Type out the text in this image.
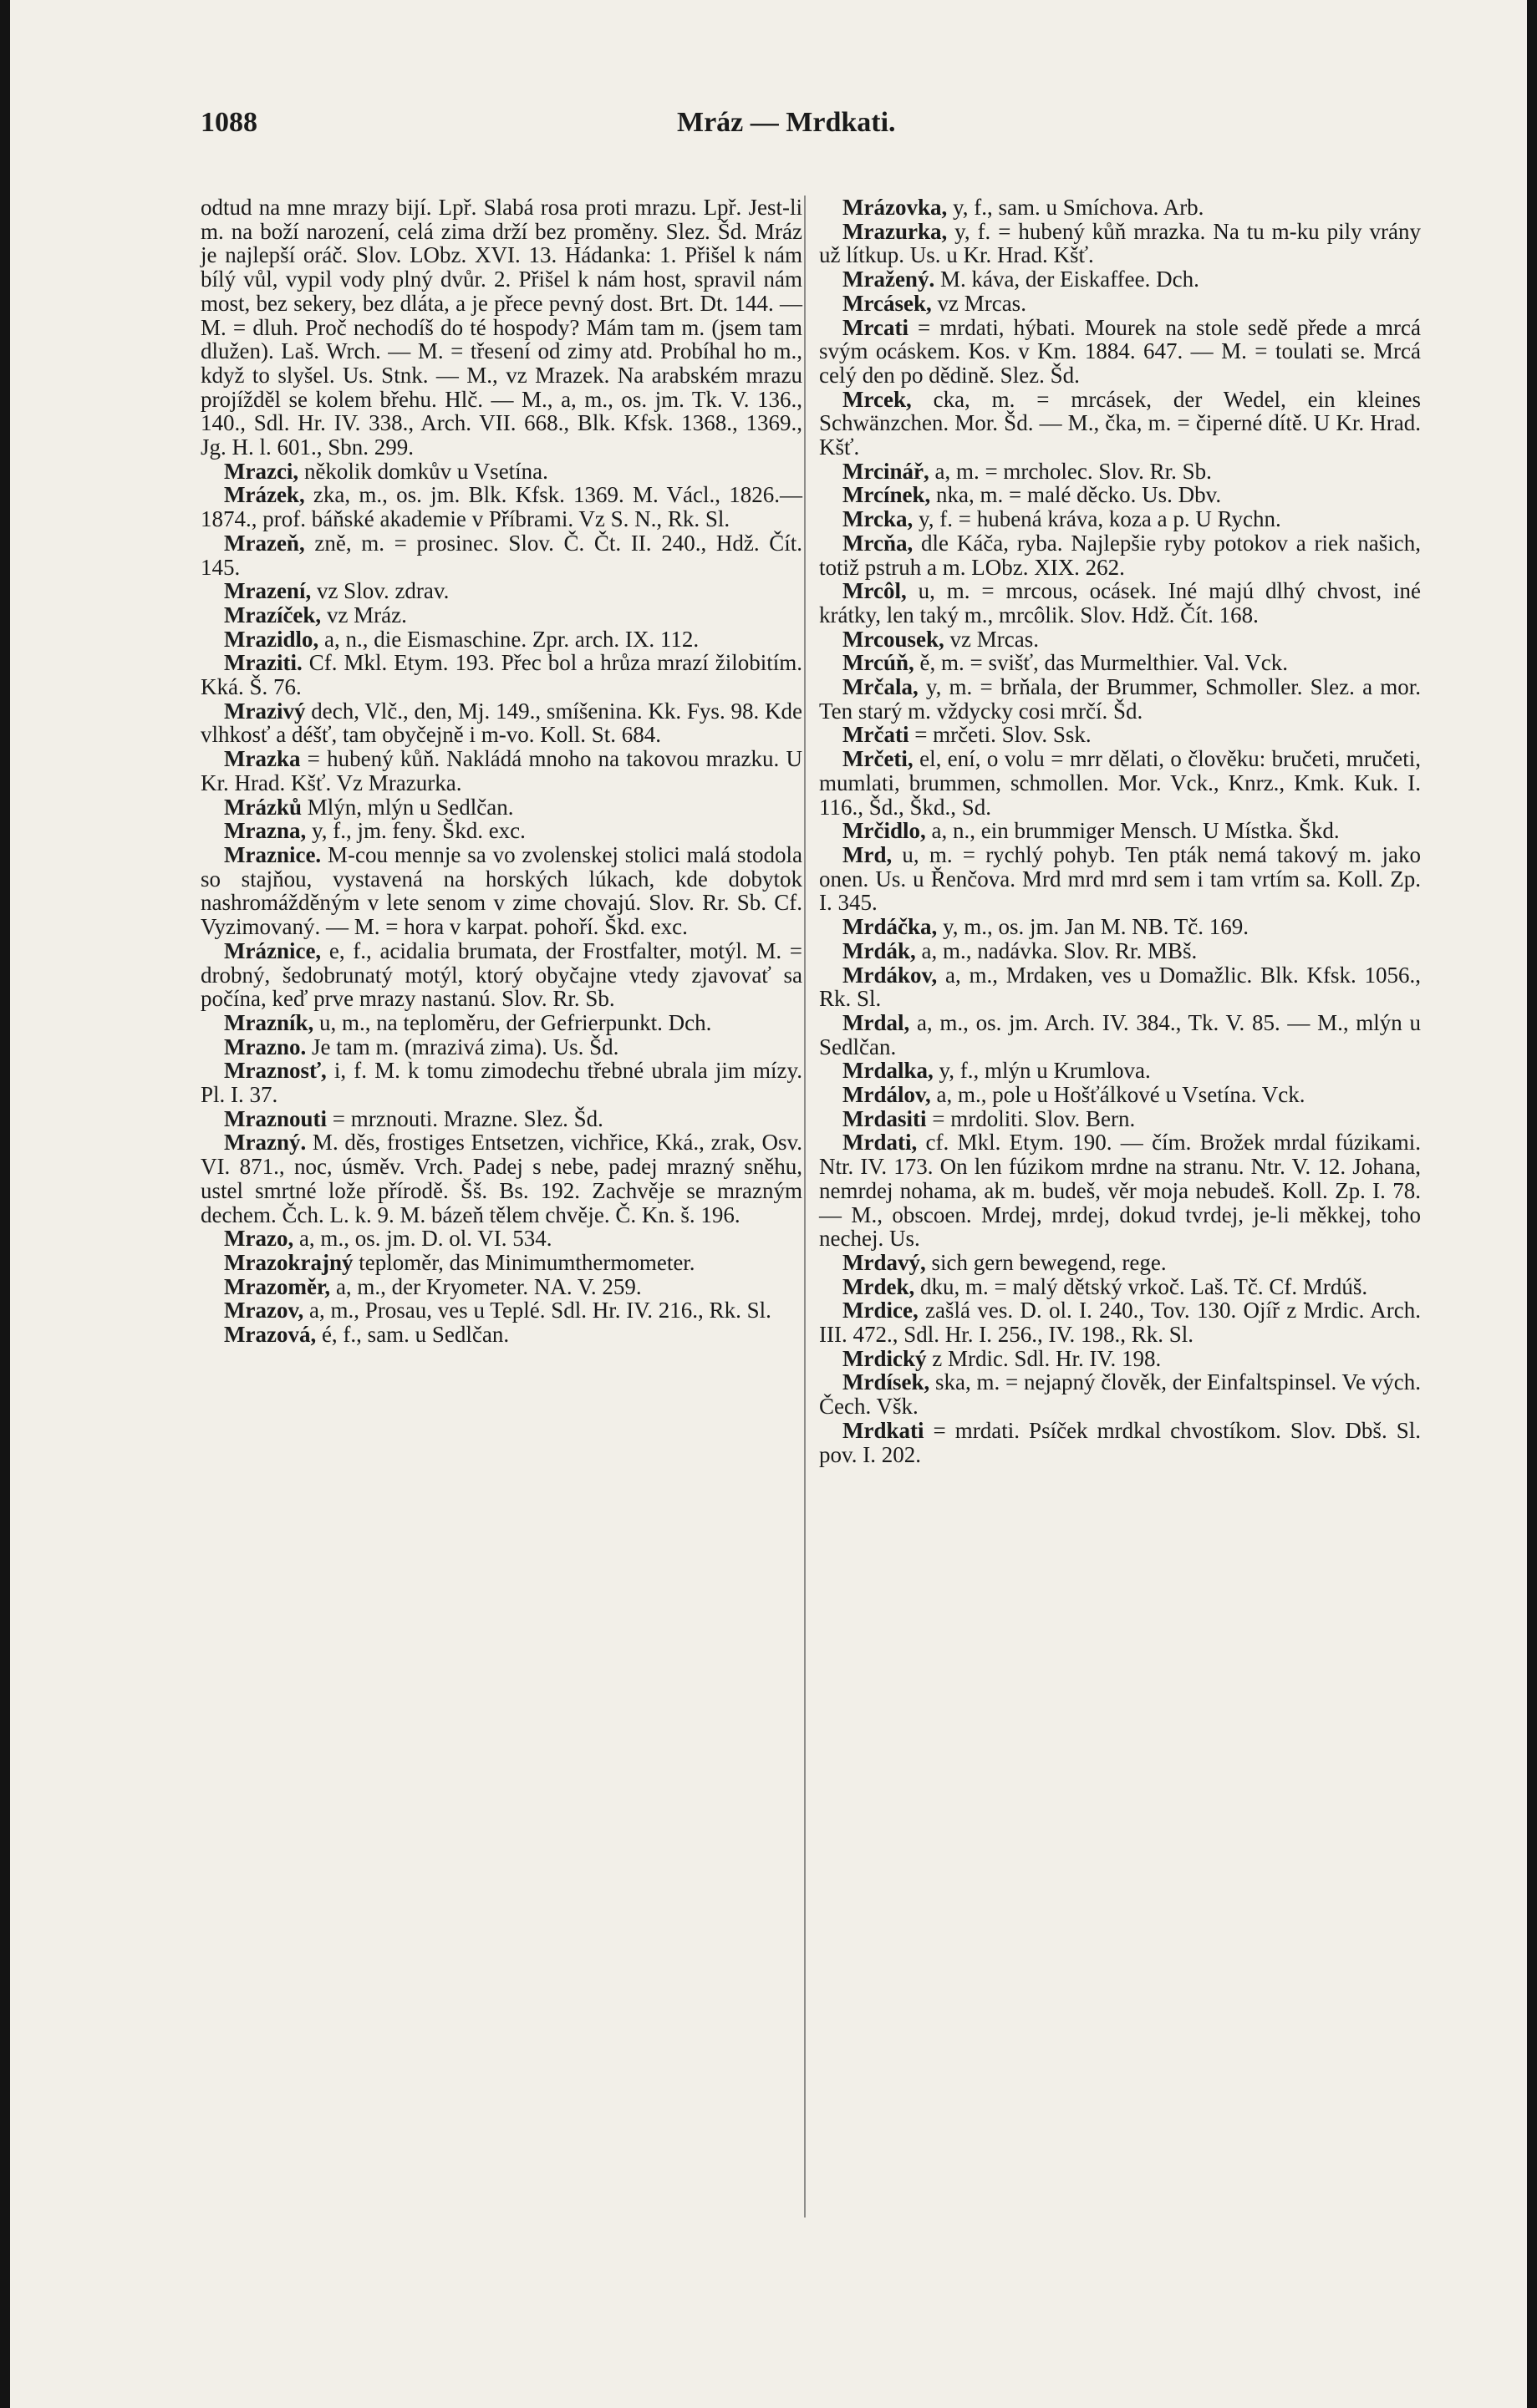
1088	Mráz — Mrdkati.

odtud na mne mrazy bijí. Lpř. Slabá rosa proti mrazu. Lpř. Jest-li m. na boží narození, celá zima drží bez proměny. Slez. Šd. Mráz je najlepší oráč. Slov. LObz. XVI. 13. Hádanka: 1. Přišel k nám bílý vůl, vypil vody plný dvůr. 2. Přišel k nám host, spravil nám most, bez sekery, bez dláta, a je přece pevný dost. Brt. Dt. 144. — M. = dluh. Proč nechodíš do té hospody? Mám tam m. (jsem tam dlužen). Laš. Wrch. — M. = třesení od zimy atd. Probíhal ho m., když to slyšel. Us. Stnk. — M., vz Mrazek. Na arabském mrazu projížděl se kolem břehu. Hlč. — M., a, m., os. jm. Tk. V. 136., 140., Sdl. Hr. IV. 338., Arch. VII. 668., Blk. Kfsk. 1368., 1369., Jg. H. l. 601., Sbn. 299.

Mrazci, několik domkův u Vsetína.

Mrázek, zka, m., os. jm. Blk. Kfsk. 1369. M. Václ., 1826.—1874., prof. báňské akademie v Příbrami. Vz S. N., Rk. Sl.

Mrazeň, zně, m. = prosinec. Slov. Č. Čt. II. 240., Hdž. Čít. 145.

Mrazení, vz Slov. zdrav.

Mrazíček, vz Mráz.

Mrazidlo, a, n., die Eismaschine. Zpr. arch. IX. 112.

Mraziti. Cf. Mkl. Etym. 193. Přec bol a hrůza mrazí žilobitím. Kká. Š. 76.

Mrazivý dech, Vlč., den, Mj. 149., smíšenina. Kk. Fys. 98. Kde vlhkosť a déšť, tam obyčejně i m-vo. Koll. St. 684.

Mrazka = hubený kůň. Nakládá mnoho na takovou mrazku. U Kr. Hrad. Kšť. Vz Mrazurka.

Mrázků Mlýn, mlýn u Sedlčan.

Mrazna, y, f., jm. feny. Škd. exc.

Mraznice. M-cou mennje sa vo zvolenskej stolici malá stodola so stajňou, vystavená na horských lúkach, kde dobytok nashromážděným v lete senom v zime chovajú. Slov. Rr. Sb. Cf. Vyzimovaný. — M. = hora v karpat. pohoří. Škd. exc.

Mráznice, e, f., acidalia brumata, der Frostfalter, motýl. M. = drobný, šedobrunatý motýl, ktorý obyčajne vtedy zjavovať sa počína, keď prve mrazy nastanú. Slov. Rr. Sb.

Mrazník, u, m., na teploměru, der Gefrierpunkt. Dch.

Mrazno. Je tam m. (mrazivá zima). Us. Šd.

Mraznosť, i, f. M. k tomu zimodechu třebné ubrala jim mízy. Pl. I. 37.

Mraznouti = mrznouti. Mrazne. Slez. Šd.

Mrazný. M. děs, frostiges Entsetzen, vichřice, Kká., zrak, Osv. VI. 871., noc, úsměv. Vrch. Padej s nebe, padej mrazný sněhu, ustel smrtné lože přírodě. Šš. Bs. 192. Zachvěje se mrazným dechem. Čch. L. k. 9. M. bázeň tělem chvěje. Č. Kn. š. 196.

Mrazo, a, m., os. jm. D. ol. VI. 534.

Mrazokrajný teploměr, das Minimumthermometer.

Mrazoměr, a, m., der Kryometer. NA. V. 259.

Mrazov, a, m., Prosau, ves u Teplé. Sdl. Hr. IV. 216., Rk. Sl.

Mrazová, é, f., sam. u Sedlčan.

Mrázovka, y, f., sam. u Smíchova. Arb.

Mrazurka, y, f. = hubený kůň mrazka. Na tu m-ku pily vrány už lítkup. Us. u Kr. Hrad. Kšť.

Mražený. M. káva, der Eiskaffee. Dch.

Mrcásek, vz Mrcas.

Mrcati = mrdati, hýbati. Mourek na stole sedě přede a mrcá svým ocáskem. Kos. v Km. 1884. 647. — M. = toulati se. Mrcá celý den po dědině. Slez. Šd.

Mrcek, cka, m. = mrcásek, der Wedel, ein kleines Schwänzchen. Mor. Šd. — M., čka, m. = čiperné dítě. U Kr. Hrad. Kšť.

Mrcinář, a, m. = mrcholec. Slov. Rr. Sb.

Mrcínek, nka, m. = malé děcko. Us. Dbv.

Mrcka, y, f. = hubená kráva, koza a p. U Rychn.

Mrcňa, dle Káča, ryba. Najlepšie ryby potokov a riek našich, totiž pstruh a m. LObz. XIX. 262.

Mrcôl, u, m. = mrcous, ocásek. Iné majú dlhý chvost, iné krátky, len taký m., mrcôlik. Slov. Hdž. Čít. 168.

Mrcousek, vz Mrcas.

Mrcúň, ě, m. = svišť, das Murmelthier. Val. Vck.

Mrčala, y, m. = brňala, der Brummer, Schmoller. Slez. a mor. Ten starý m. vždycky cosi mrčí. Šd.

Mrčati = mrčeti. Slov. Ssk.

Mrčeti, el, ení, o volu = mrr dělati, o člověku: bručeti, mručeti, mumlati, brummen, schmollen. Mor. Vck., Knrz., Kmk. Kuk. I. 116., Šd., Škd., Sd.

Mrčidlo, a, n., ein brummiger Mensch. U Místka. Škd.

Mrd, u, m. = rychlý pohyb. Ten pták nemá takový m. jako onen. Us. u Řenčova. Mrd mrd mrd sem i tam vrtím sa. Koll. Zp. I. 345.

Mrdáčka, y, m., os. jm. Jan M. NB. Tč. 169.

Mrdák, a, m., nadávka. Slov. Rr. MBš.

Mrdákov, a, m., Mrdaken, ves u Domažlic. Blk. Kfsk. 1056., Rk. Sl.

Mrdal, a, m., os. jm. Arch. IV. 384., Tk. V. 85. — M., mlýn u Sedlčan.

Mrdalka, y, f., mlýn u Krumlova.

Mrdálov, a, m., pole u Hošťálkové u Vsetína. Vck.

Mrdasiti = mrdoliti. Slov. Bern.

Mrdati, cf. Mkl. Etym. 190. — čím. Brožek mrdal fúzikami. Ntr. IV. 173. On len fúzikom mrdne na stranu. Ntr. V. 12. Johana, nemrdej nohama, ak m. budeš, věr moja nebudeš. Koll. Zp. I. 78. — M., obscoen. Mrdej, mrdej, dokud tvrdej, je-li měkkej, toho nechej. Us.

Mrdavý, sich gern bewegend, rege.

Mrdek, dku, m. = malý dětský vrkoč. Laš. Tč. Cf. Mrdúš.

Mrdice, zašlá ves. D. ol. I. 240., Tov. 130. Ojíř z Mrdic. Arch. III. 472., Sdl. Hr. I. 256., IV. 198., Rk. Sl.

Mrdický z Mrdic. Sdl. Hr. IV. 198.

Mrdísek, ska, m. = nejapný člověk, der Einfaltspinsel. Ve vých. Čech. Všk.

Mrdkati = mrdati. Psíček mrdkal chvostíkom. Slov. Dbš. Sl. pov. I. 202.
